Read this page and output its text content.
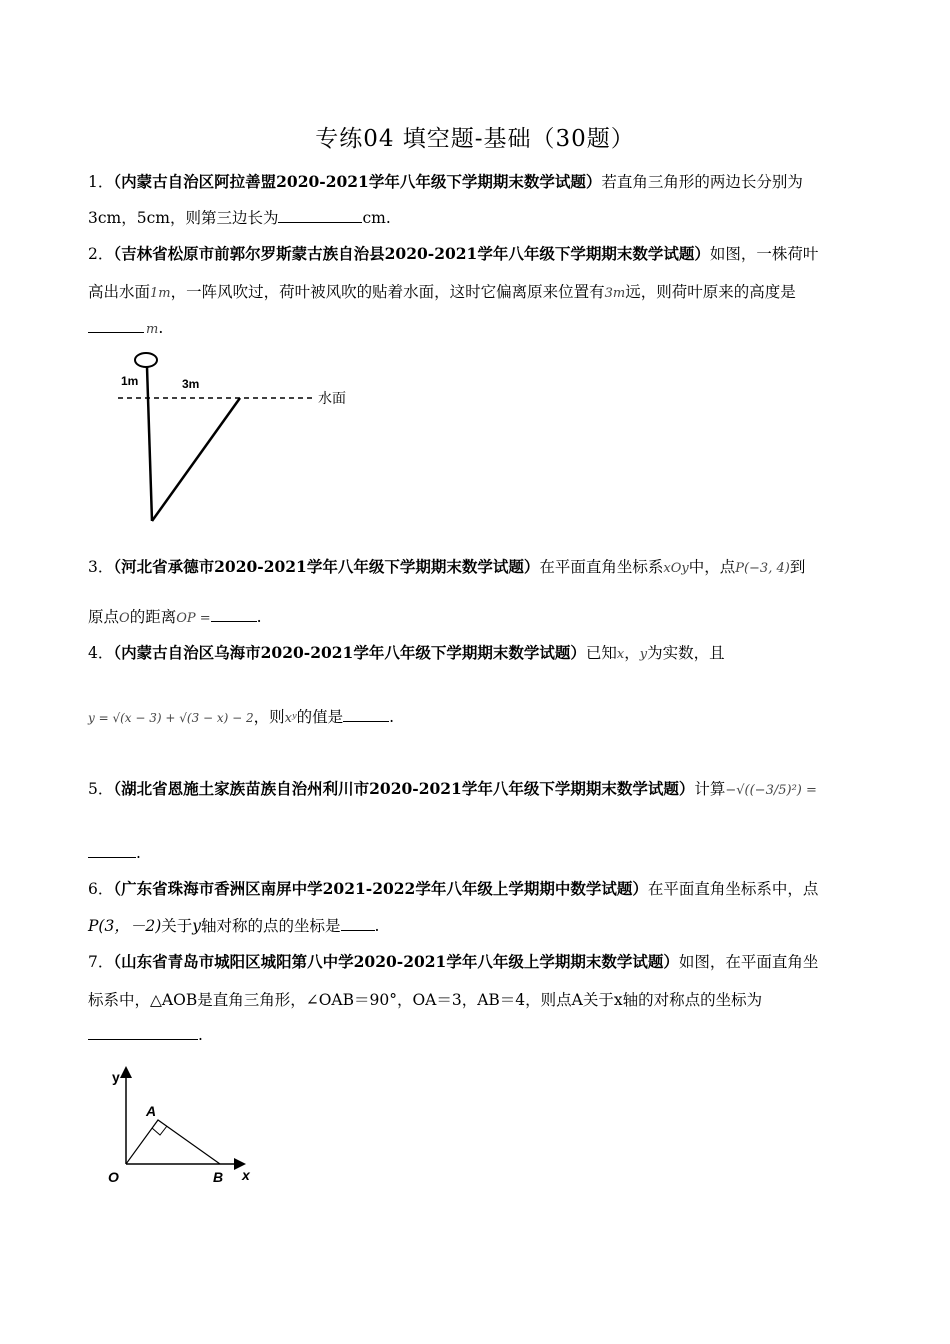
专练04 填空题-基础（30题）
1．（内蒙古自治区阿拉善盟2020-2021学年八年级下学期期末数学试题）若直角三角形的两边长分别为
3cm，5cm，则第三边长为	cm.
2．（吉林省松原市前郭尔罗斯蒙古族自治县2020-2021学年八年级下学期期末数学试题）如图，一株荷叶
高出水面1m，一阵风吹过，荷叶被风吹的贴着水面，这时它偏离原来位置有3m远，则荷叶原来的高度是
m.
1m	3m
水面
3．（河北省承德市2020-2021学年八年级下学期期末数学试题）在平面直角坐标系xOy中，点P(−3, 4)到
原点O的距离OP =	.
4．（内蒙古自治区乌海市2020-2021学年八年级下学期期末数学试题）已知x，y为实数，且
y = √(x − 3) + √(3 − x) − 2，则xʸ的值是	.
5．（湖北省恩施土家族苗族自治州利川市2020-2021学年八年级下学期期末数学试题）计算−√((−3/5)²) =
.
6．（广东省珠海市香洲区南屏中学2021-2022学年八年级上学期期中数学试题）在平面直角坐标系中，点
P(3，－2)关于y轴对称的点的坐标是 .
7．（山东省青岛市城阳区城阳第八中学2020-2021学年八年级上学期期末数学试题）如图，在平面直角坐
标系中，△AOB是直角三角形，∠OAB＝90°，OA＝3，AB＝4，则点A关于x轴的对称点的坐标为
.
y
x
O
A
B
